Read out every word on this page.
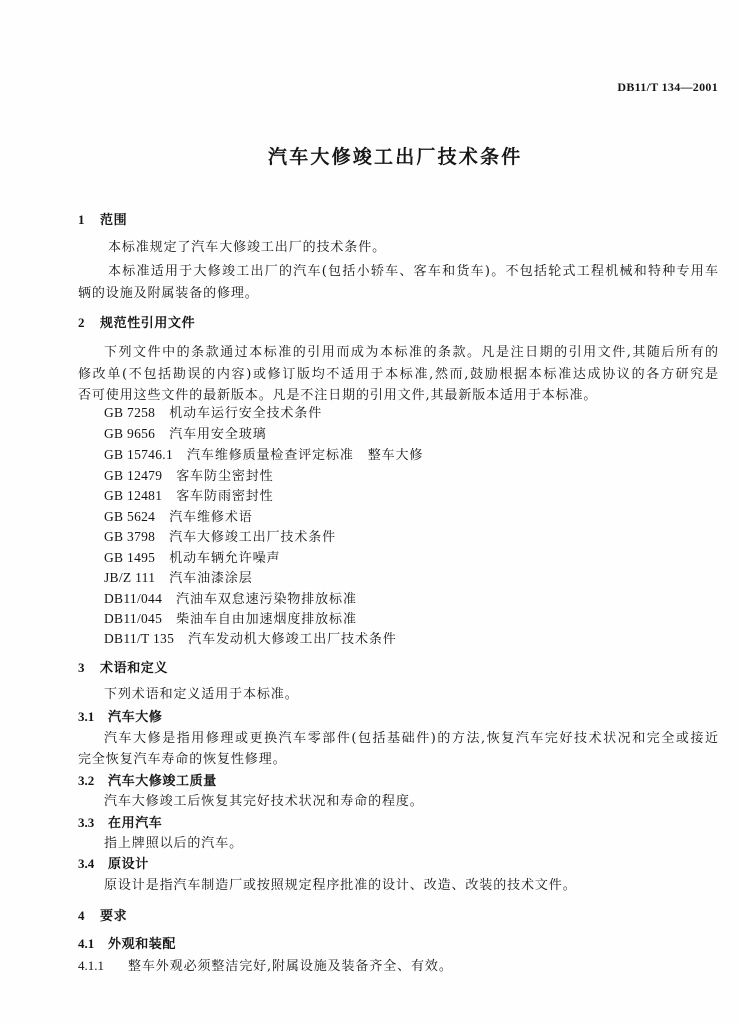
DB11/T 134—2001
汽车大修竣工出厂技术条件
1 范围
本标准规定了汽车大修竣工出厂的技术条件。
本标准适用于大修竣工出厂的汽车(包括小轿车、客车和货车)。不包括轮式工程机械和特种专用车
辆的设施及附属装备的修理。
2 规范性引用文件
下列文件中的条款通过本标准的引用而成为本标准的条款。凡是注日期的引用文件,其随后所有的
修改单(不包括勘误的内容)或修订版均不适用于本标准,然而,鼓励根据本标准达成协议的各方研究是
否可使用这些文件的最新版本。凡是不注日期的引用文件,其最新版本适用于本标准。
GB 7258 机动车运行安全技术条件
GB 9656 汽车用安全玻璃
GB 15746.1 汽车维修质量检查评定标准　整车大修
GB 12479 客车防尘密封性
GB 12481 客车防雨密封性
GB 5624 汽车维修术语
GB 3798 汽车大修竣工出厂技术条件
GB 1495 机动车辆允许噪声
JB/Z 111 汽车油漆涂层
DB11/044 汽油车双怠速污染物排放标准
DB11/045 柴油车自由加速烟度排放标准
DB11/T 135 汽车发动机大修竣工出厂技术条件
3 术语和定义
下列术语和定义适用于本标准。
3.1 汽车大修
汽车大修是指用修理或更换汽车零部件(包括基础件)的方法,恢复汽车完好技术状况和完全或接近
完全恢复汽车寿命的恢复性修理。
3.2 汽车大修竣工质量
汽车大修竣工后恢复其完好技术状况和寿命的程度。
3.3 在用汽车
指上牌照以后的汽车。
3.4 原设计
原设计是指汽车制造厂或按照规定程序批准的设计、改造、改装的技术文件。
4 要求
4.1 外观和装配
4.1.1 整车外观必须整洁完好,附属设施及装备齐全、有效。
